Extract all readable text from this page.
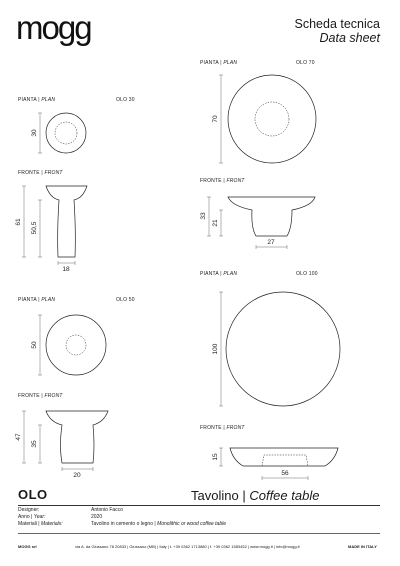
mogg	Scheda tecnica
Data sheet
PIANTA | PLAN	OLO 30
FRONTE | FRONT
PIANTA | PLAN	OLO 50
FRONTE | FRONT
PIANTA | PLAN	OLO 70
FRONTE | FRONT
PIANTA | PLAN	OLO 100
FRONTE | FRONT
30
61 50,5
18
50
47
35
20
70
33
21
27
100
15
56
OLO	Tavolino | Coffee table
Designer:	Antonio Facco
Anno | Year:	2020
Materiali | Materials:	Tavolino in cemento o legno | Monolithic or wood coffee table
MOGG srl	via A. da Giussano 78 20833 | Giussano (MB) | Italy | t. +39 0362 1713880 | f. +39 0362 1583452 | www.mogg.it | info@mogg.it	MADE IN ITALY
